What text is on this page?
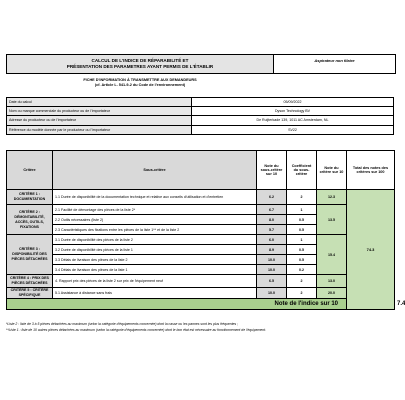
CALCUL DE L'INDICE DE RÉPARABILITÉ ET
PRÉSENTATION DES PARAMETRES AYANT PERMIS DE L'ÉTABLIR
Aspirateur non filaire
FICHE D'INFORMATION À TRANSMETTRE AUX DEMANDEURS
(cf. Article L. 541-9-2 du Code de l'environnement)
Date du calcul	05/09/2022
Nom ou marque commerciale du producteur ou de l'importateur	Dyson Technology BV
Adresse du producteur ou de l'importateur	De Ruijterkade 139, 1011 AC Amsterdam, NL
Référence du modèle donnée par le producteur ou l'importateur	SV22
Critère	Sous-critère	Note du sous-critère sur 10	Coefficient du sous-critère	Note du critère sur 10	Total des notes des critères sur 100	
CRITÈRE 1 : DOCUMENTATION	1.1 Durée de disponibilité de la documentation technique et relative aux conseils d'utilisation et d'entretien	6.2	2	12.3	74.3	
CRITÈRE 2 : DÉMONTABILITÉ, ACCÈS, OUTILS, FIXATIONS	2.1 Facilité de démontage des pièces de la liste 2*	6.7	1	13.5		
	2.2 Outils nécessaires (liste 2)	8.0	0.5			
	2.3 Caractéristiques des fixations entre les pièces de la liste 1** et de la liste 2	5.7	0.5			
CRITÈRE 3 : DISPONIBILITÉ DES PIÈCES DÉTACHÉES	3.1 Durée de disponibilité des pièces de la liste 2	6.0	1	15.4		
	3.2 Durée de disponibilité des pièces de la liste 1	8.9	0.5			
	3.3 Délais de livraison des pièces de la liste 2	10.0	0.5			
	3.4 Délais de livraison des pièces de la liste 1	10.0	0.2			
CRITÈRE 4 : PRIX DES PIÈCES DÉTACHÉES	4. Rapport prix des pièces de la liste 2 sur prix de l'équipement neuf	6.5	2	13.0		
CRITÈRE 5 : CRITÈRE SPÉCIFIQUE	5.1 Assistance à distance sans frais	10.0	2	20.0		
Note de l'indice sur 10						7.4
*Liste 2 : liste de 3 à 5 pièces détachées au maximum (selon la catégorie d'équipements concernée) dont la casse ou les pannes sont les plus fréquentes ;
**Liste 1 : liste de 10 autres pièces détachées au maximum (selon la catégorie d'équipements concernée) dont le bon état est nécessaire au fonctionnement de l'équipement.
